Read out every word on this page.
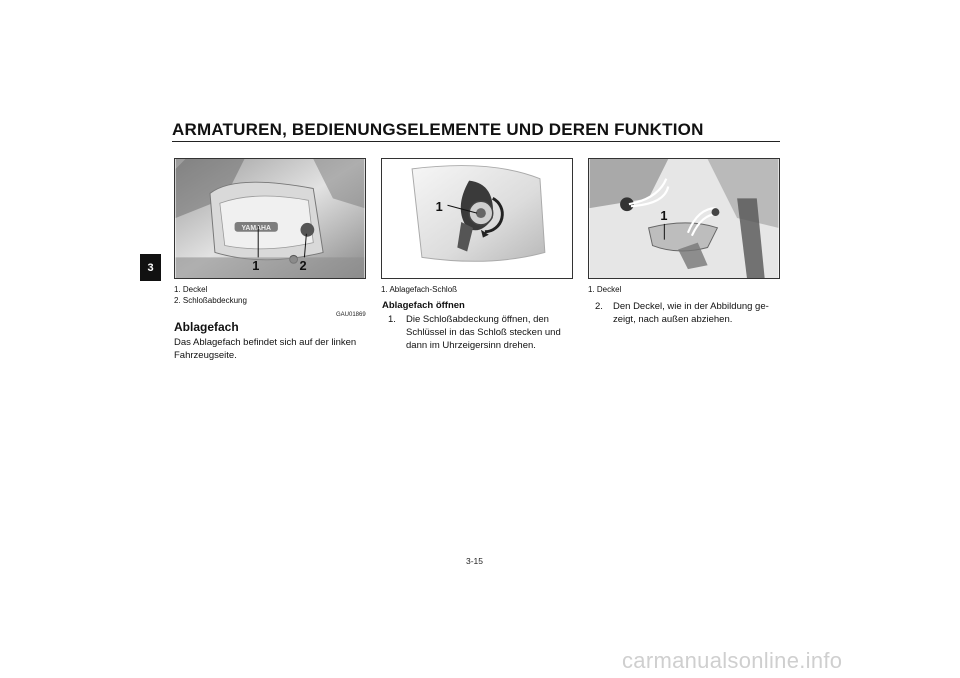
ARMATUREN, BEDIENUNGSELEMENTE UND DEREN FUNKTION
3
YAMAHA
1	2
1
1
1. Deckel
2. Schloßabdeckung
1. Ablagefach-Schloß	1. Deckel
GAU01869
Ablagefach
Das Ablagefach befindet sich auf der linken
Fahrzeugseite.
Ablagefach öffnen
1. Die Schloßabdeckung öffnen, den
Schlüssel in das Schloß stecken und
dann im Uhrzeigersinn drehen.
2. Den Deckel, wie in der Abbildung ge-
zeigt, nach außen abziehen.
3-15
carmanualsonline.info
